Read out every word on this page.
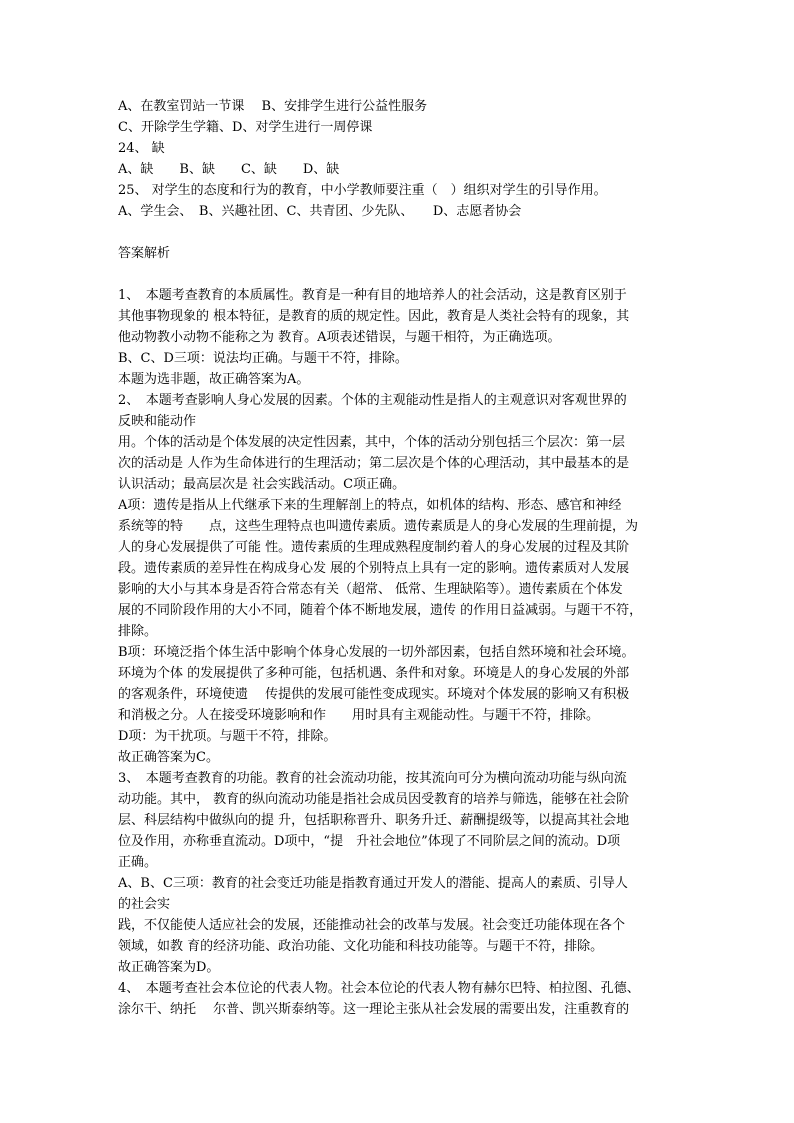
A、在教室罚站一节课　 B、安排学生进行公益性服务
C、开除学生学籍、D、对学生进行一周停课
24、 缺
A、缺　　B、缺　　C、缺　　D、缺
25、 对学生的态度和行为的教育，中小学教师要注重（　）组织对学生的引导作用。
A、学生会、　B、兴趣社团、C、共青团、少先队、　　D、志愿者协会
答案解析
1、　本题考查教育的本质属性。教育是一种有目的地培养人的社会活动，这是教育区别于
其他事物现象的 根本特征，是教育的质的规定性。因此，教育是人类社会特有的现象，其
他动物教小动物不能称之为 教育。A项表述错误，与题干相符，为正确选项。
B、C、D三项：说法均正确。与题干不符，排除。
本题为选非题，故正确答案为A。
2、　本题考查影响人身心发展的因素。个体的主观能动性是指人的主观意识对客观世界的
反映和能动作
用。个体的活动是个体发展的决定性因素，其中，个体的活动分别包括三个层次：第一层
次的活动是 人作为生命体进行的生理活动；第二层次是个体的心理活动，其中最基本的是
认识活动；最高层次是 社会实践活动。C项正确。
A项：遗传是指从上代继承下来的生理解剖上的特点，如机体的结构、形态、感官和神经
系统等的特　　点，这些生理特点也叫遗传素质。遗传素质是人的身心发展的生理前提，为
人的身心发展提供了可能 性。遗传素质的生理成熟程度制约着人的身心发展的过程及其阶
段。遗传素质的差异性在构成身心发 展的个别特点上具有一定的影响。遗传素质对人发展
影响的大小与其本身是否符合常态有关（超常、 低常、生理缺陷等）。遗传素质在个体发
展的不同阶段作用的大小不同，随着个体不断地发展，遗传 的作用日益减弱。与题干不符，
排除。
B项：环境泛指个体生活中影响个体身心发展的一切外部因素，包括自然环境和社会环境。
环境为个体 的发展提供了多种可能，包括机遇、条件和对象。环境是人的身心发展的外部
的客观条件，环境使遗　 传提供的发展可能性变成现实。环境对个体发展的影响又有积极
和消极之分。人在接受环境影响和作　　用时具有主观能动性。与题干不符，排除。
D项：为干扰项。与题干不符，排除。
故正确答案为C。
3、　本题考查教育的功能。教育的社会流动功能，按其流向可分为横向流动功能与纵向流
动功能。其中， 教育的纵向流动功能是指社会成员因受教育的培养与筛选，能够在社会阶
层、科层结构中做纵向的提 升，包括职称晋升、职务升迁、薪酬提级等，以提高其社会地
位及作用，亦称垂直流动。D项中，“提　升社会地位”体现了不同阶层之间的流动。D项
正确。
A、B、C三项：教育的社会变迁功能是指教育通过开发人的潜能、提高人的素质、引导人
的社会实
践，不仅能使人适应社会的发展，还能推动社会的改革与发展。社会变迁功能体现在各个
领域，如教 育的经济功能、政治功能、文化功能和科技功能等。与题干不符，排除。
故正确答案为D。
4、　本题考查社会本位论的代表人物。社会本位论的代表人物有赫尔巴特、柏拉图、孔德、
涂尔干、纳托　 尔普、凯兴斯泰纳等。这一理论主张从社会发展的需要出发，注重教育的
